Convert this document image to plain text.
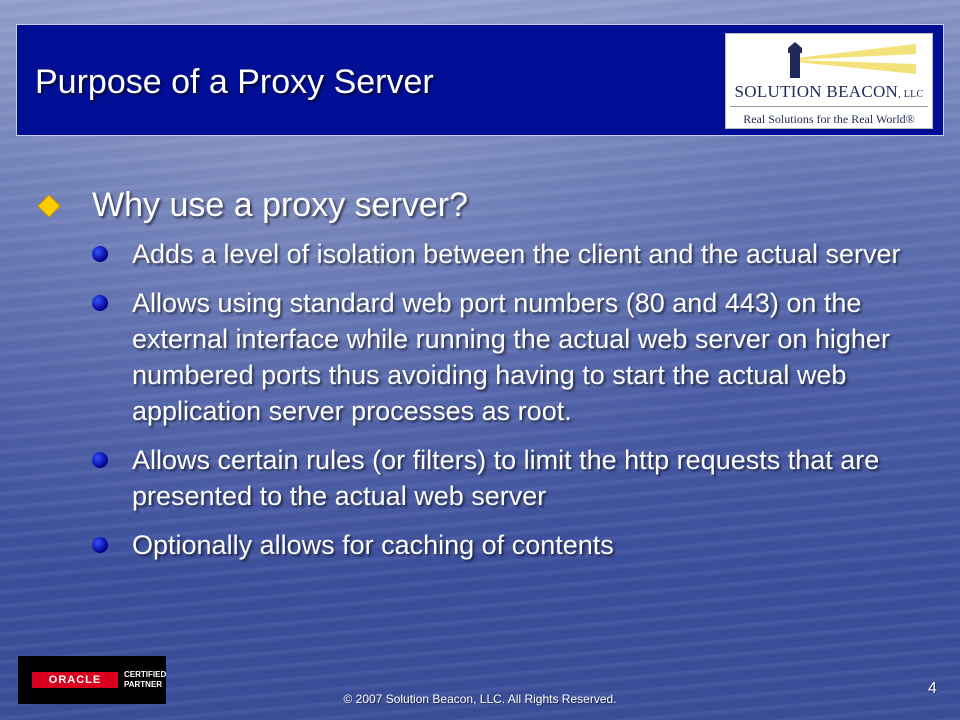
Purpose of a Proxy Server	SOLUTION BEACON, LLC
Real Solutions for the Real World®
Why use a proxy server?
Adds a level of isolation between the client and the actual server
Allows using standard web port numbers (80 and 443) on the external interface while running the actual web server on higher numbered ports thus avoiding having to start the actual web application server processes as root.
Allows certain rules (or filters) to limit the http requests that are presented to the actual web server
Optionally allows for caching of contents
ORACLE	CERTIFIED
PARTNER
© 2007 Solution Beacon, LLC. All Rights Reserved.
4
